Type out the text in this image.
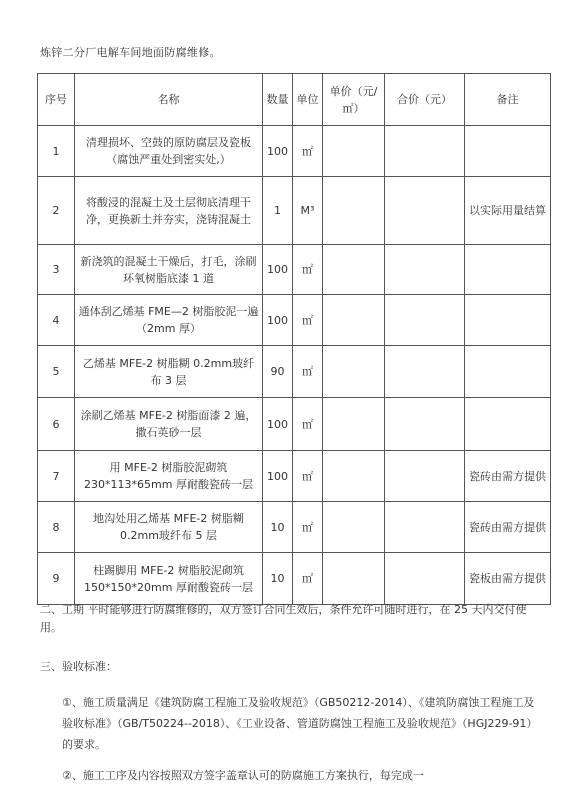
炼锌二分厂电解车间地面防腐维修。
序号	名称	数量	单位	单价（元/㎡）	合价（元）	备注
1	清理损坏、空鼓的原防腐层及瓷板（腐蚀严重处到密实处,）	100	㎡			
2	将酸浸的混凝土及土层彻底清理干净，更换新土并夯实，浇铸混凝土	1	M³			以实际用量结算
3	新浇筑的混凝土干燥后，打毛，涂刷环氧树脂底漆 1 道	100	㎡			
4	通体刮乙烯基 FME—2 树脂胶泥一遍（2mm 厚）	100	㎡			
5	乙烯基 MFE-2 树脂糊 0.2mm玻纤布 3 层	90	㎡			
6	涂刷乙烯基 MFE-2 树脂面漆 2 遍，撒石英砂一层	100	㎡			
7	用 MFE-2 树脂胶泥砌筑 230*113*65mm 厚耐酸瓷砖一层	100	㎡			瓷砖由需方提供
8	地沟处用乙烯基 MFE-2 树脂糊 0.2mm玻纤布 5 层	10	㎡			瓷砖由需方提供
9	柱踢脚用 MFE-2 树脂胶泥砌筑 150*150*20mm 厚耐酸瓷砖一层	10	㎡			瓷板由需方提供
二、工期 平时能够进行防腐维修的，双方签订合同生效后，条件允许可随时进行，在 25 天内交付使用。
三、验收标准：
①、施工质量满足《建筑防腐工程施工及验收规范》（GB50212-2014）、《建筑防腐蚀工程施工及验收标准》（GB/T50224--2018）、《工业设备、管道防腐蚀工程施工及验收规范》（HGJ229-91）的要求。
②、施工工序及内容按照双方签字盖章认可的防腐施工方案执行，每完成一
